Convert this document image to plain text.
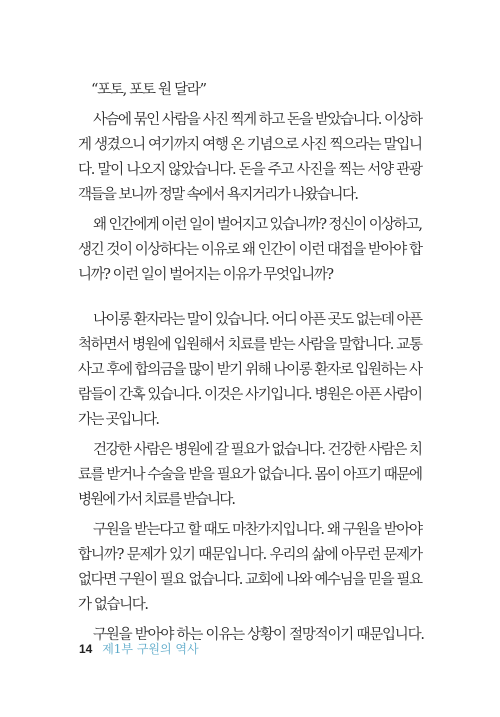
“포토, 포토 원 달라”
사슴에 묶인 사람을 사진 찍게 하고 돈을 받았습니다. 이상하
게 생겼으니 여기까지 여행 온 기념으로 사진 찍으라는 말입니
다. 말이 나오지 않았습니다. 돈을 주고 사진을 찍는 서양 관광
객들을 보니까 정말 속에서 욕지거리가 나왔습니다.
왜 인간에게 이런 일이 벌어지고 있습니까? 정신이 이상하고,
생긴 것이 이상하다는 이유로 왜 인간이 이런 대접을 받아야 합
니까? 이런 일이 벌어지는 이유가 무엇입니까?
나이롱 환자라는 말이 있습니다. 어디 아픈 곳도 없는데 아픈
척하면서 병원에 입원해서 치료를 받는 사람을 말합니다. 교통
사고 후에 합의금을 많이 받기 위해 나이롱 환자로 입원하는 사
람들이 간혹 있습니다. 이것은 사기입니다. 병원은 아픈 사람이
가는 곳입니다.
건강한 사람은 병원에 갈 필요가 없습니다. 건강한 사람은 치
료를 받거나 수술을 받을 필요가 없습니다. 몸이 아프기 때문에
병원에 가서 치료를 받습니다.
구원을 받는다고 할 때도 마찬가지입니다. 왜 구원을 받아야
합니까? 문제가 있기 때문입니다. 우리의 삶에 아무런 문제가
없다면 구원이 필요 없습니다. 교회에 나와 예수님을 믿을 필요
가 없습니다.
구원을 받아야 하는 이유는 상황이 절망적이기 때문입니다.
14 제1부 구원의 역사
